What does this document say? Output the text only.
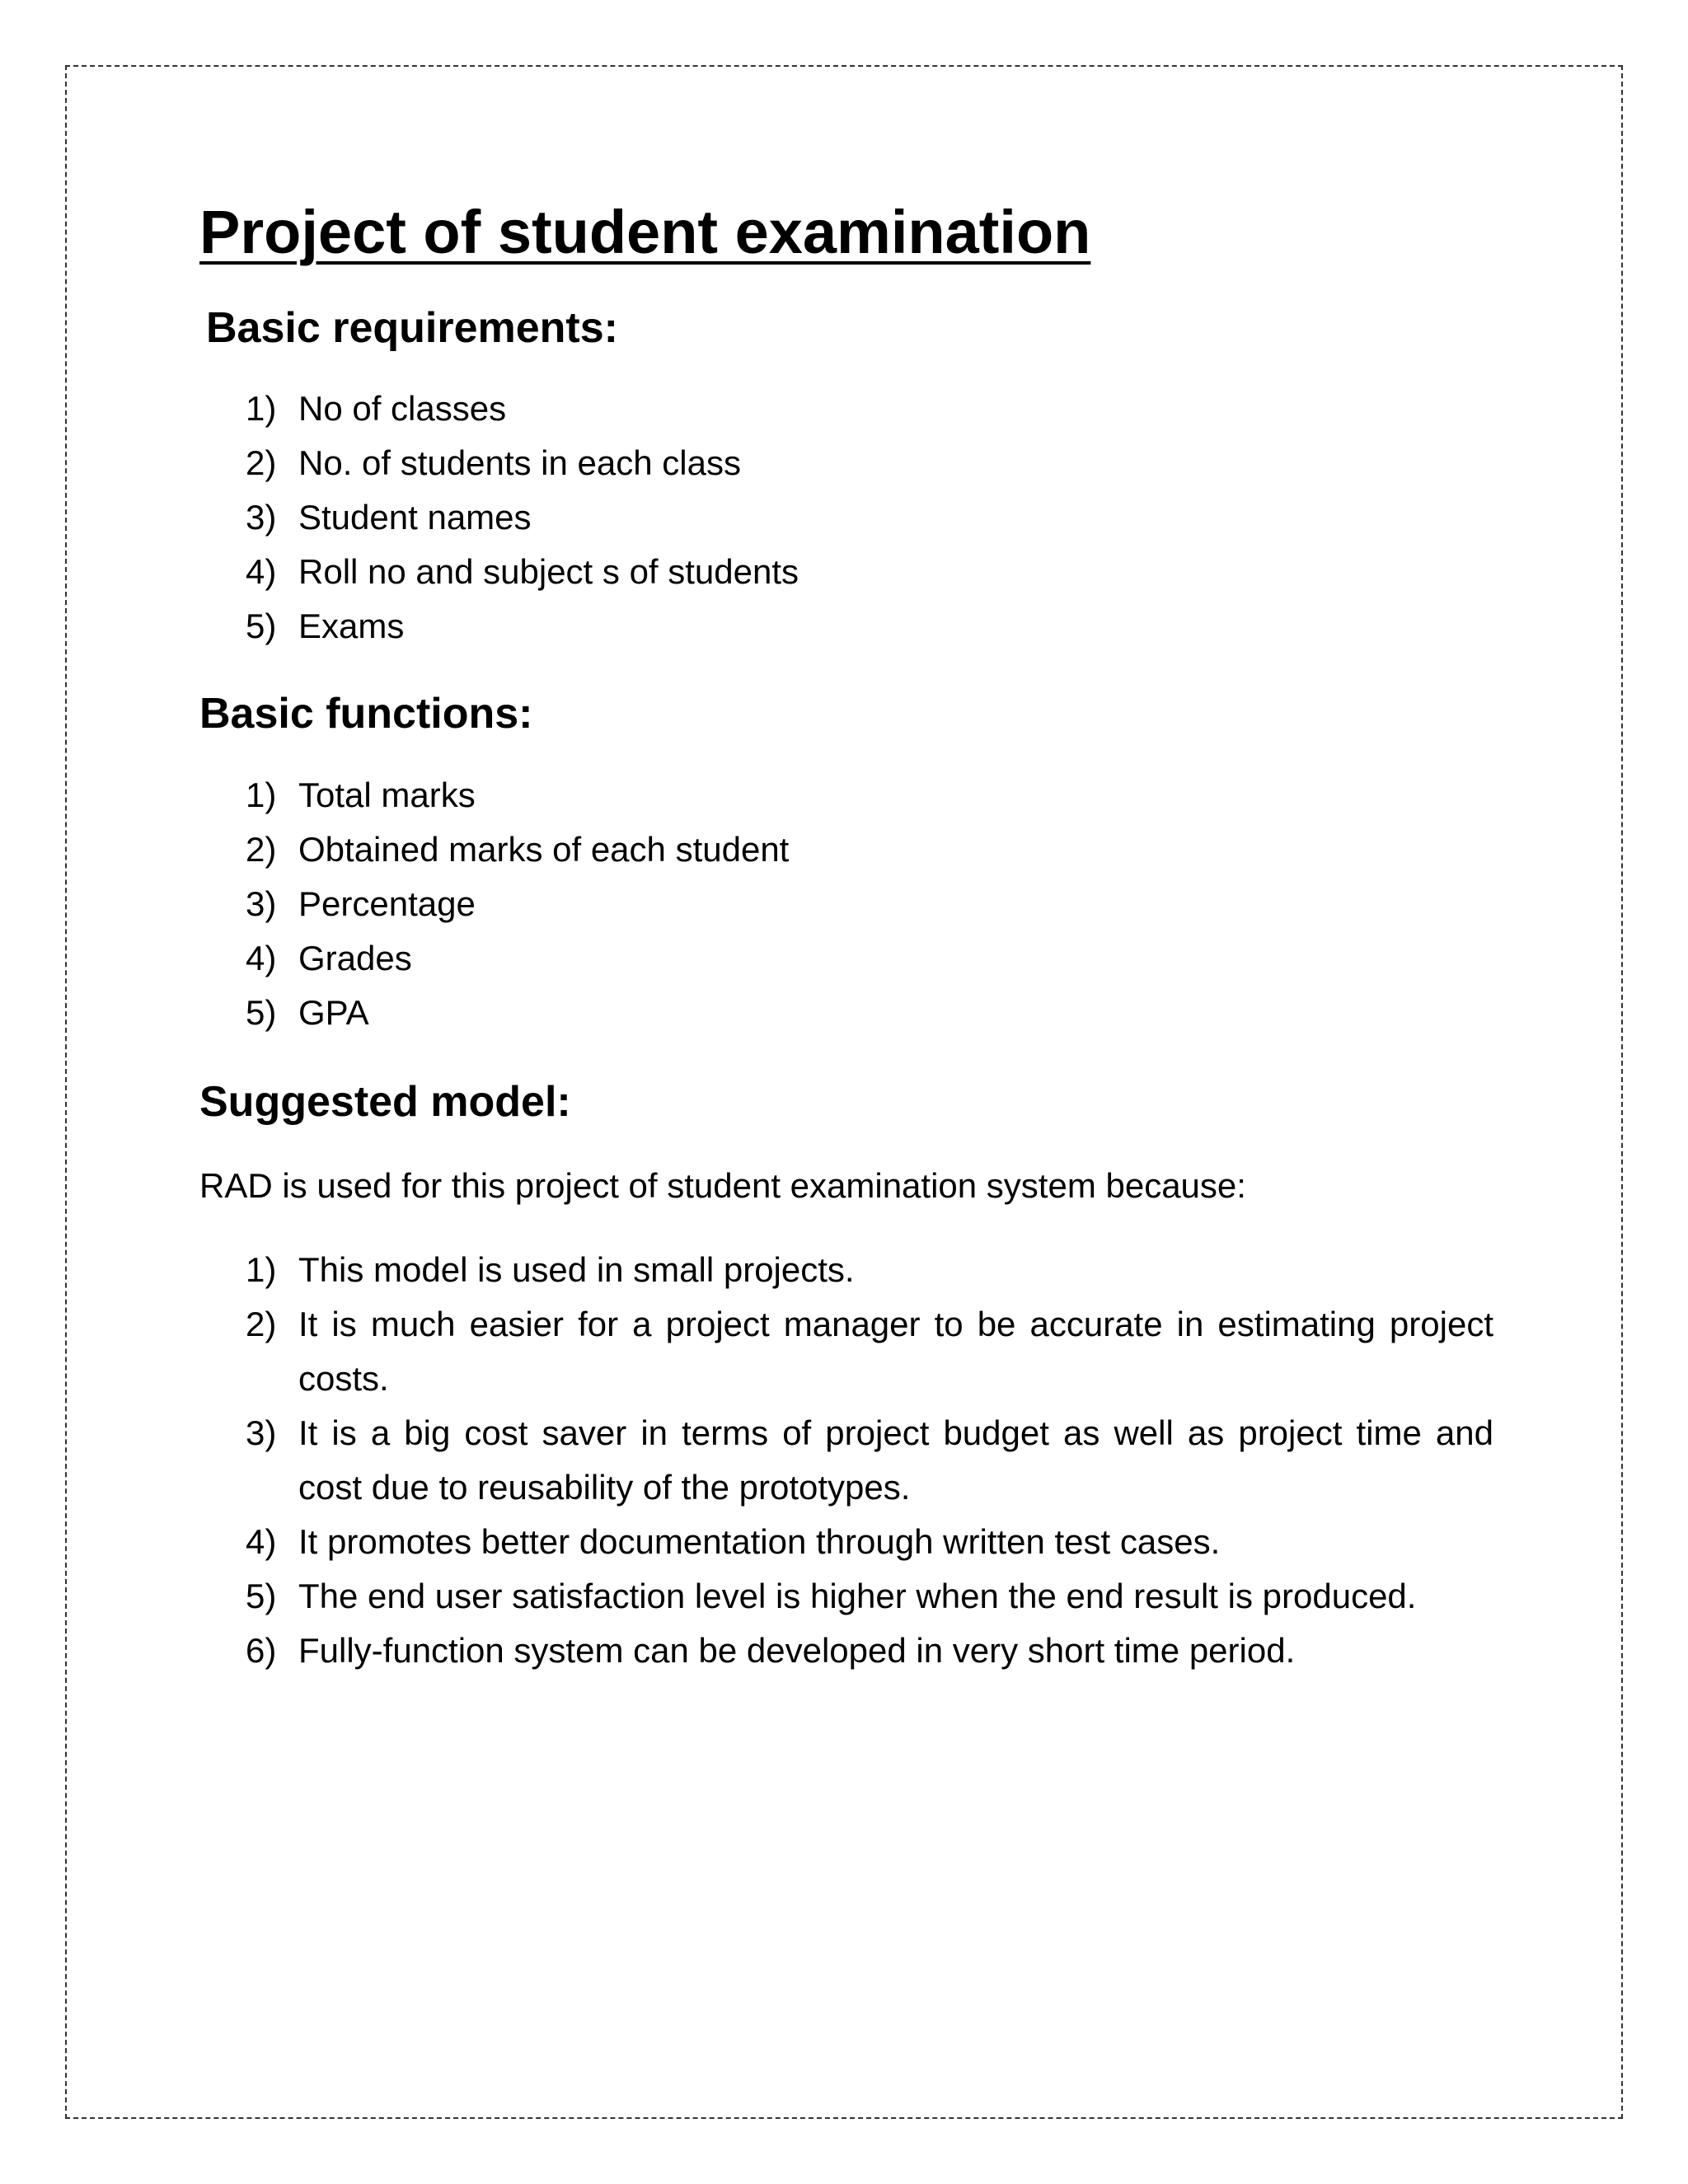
Project of student examination
Basic requirements:
1) No of classes
2) No. of students in each class
3) Student names
4) Roll no and subject s of students
5) Exams
Basic functions:
1) Total marks
2) Obtained marks of each student
3) Percentage
4) Grades
5) GPA
Suggested model:

RAD is used for this project of student examination system because:

1) This model is used in small projects.
2) It is much easier for a project manager to be accurate in estimating project costs.
3) It is a big cost saver in terms of project budget as well as project time and cost due to reusability of the prototypes.
4) It promotes better documentation through written test cases.
5) The end user satisfaction level is higher when the end result is produced.
6) Fully-function system can be developed in very short time period.
